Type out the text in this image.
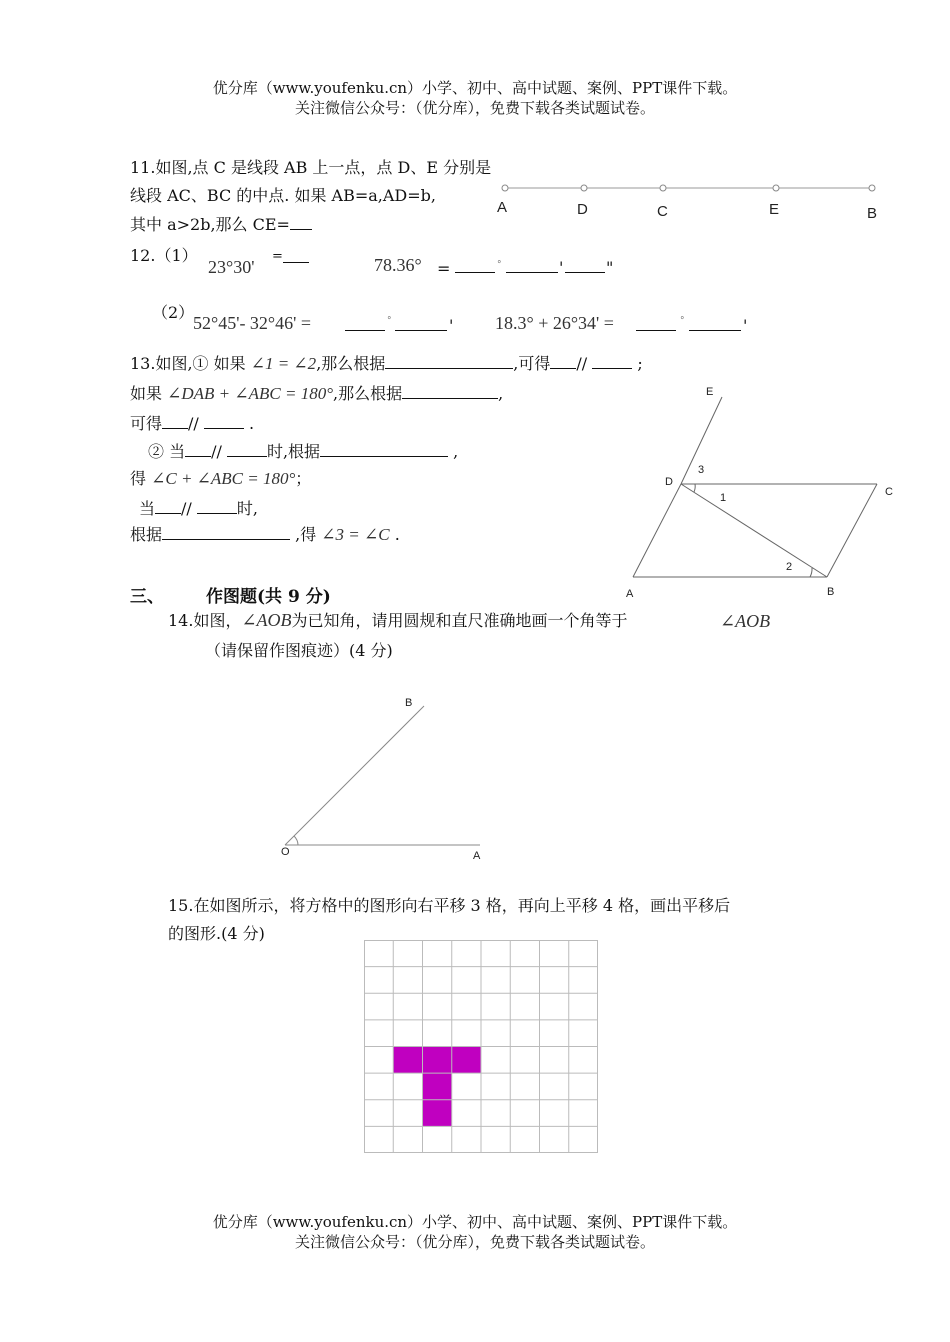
优分库（www.youfenku.cn）小学、初中、高中试题、案例、PPT课件下载。
关注微信公众号：（优分库），免费下载各类试题试卷。
11.如图,点 C 是线段 AB 上一点，点 D、E 分别是
线段 AC、BC 的中点. 如果 AB=a,AD=b,
其中 a>2b,那么 CE=
A	D	C	E	B
12.（1）
23°30'
=	78.36° =	°	'	"
（2）
52°45'- 32°46' =	°	' 18.3° + 26°34' =	°	'
13.如图,① 如果 ∠1 = ∠2,那么根据	,可得 //	;
如果 ∠DAB + ∠ABC = 180°,那么根据	,
可得 //	.
② 当 //	时,根据	,
得 ∠C + ∠ABC = 180°；
当 //	时,
根据	,得 ∠3 = ∠C .
E
D
C
A	B
1
2
3
三、 作图题(共 9 分)
14.如图，∠AOB为已知角，请用圆规和直尺准确地画一个角等于	∠AOB
（请保留作图痕迹）(4 分)
B
O	A
15.在如图所示，将方格中的图形向右平移 3 格，再向上平移 4 格，画出平移后
的图形.(4 分)
优分库（www.youfenku.cn）小学、初中、高中试题、案例、PPT课件下载。
关注微信公众号：（优分库），免费下载各类试题试卷。
